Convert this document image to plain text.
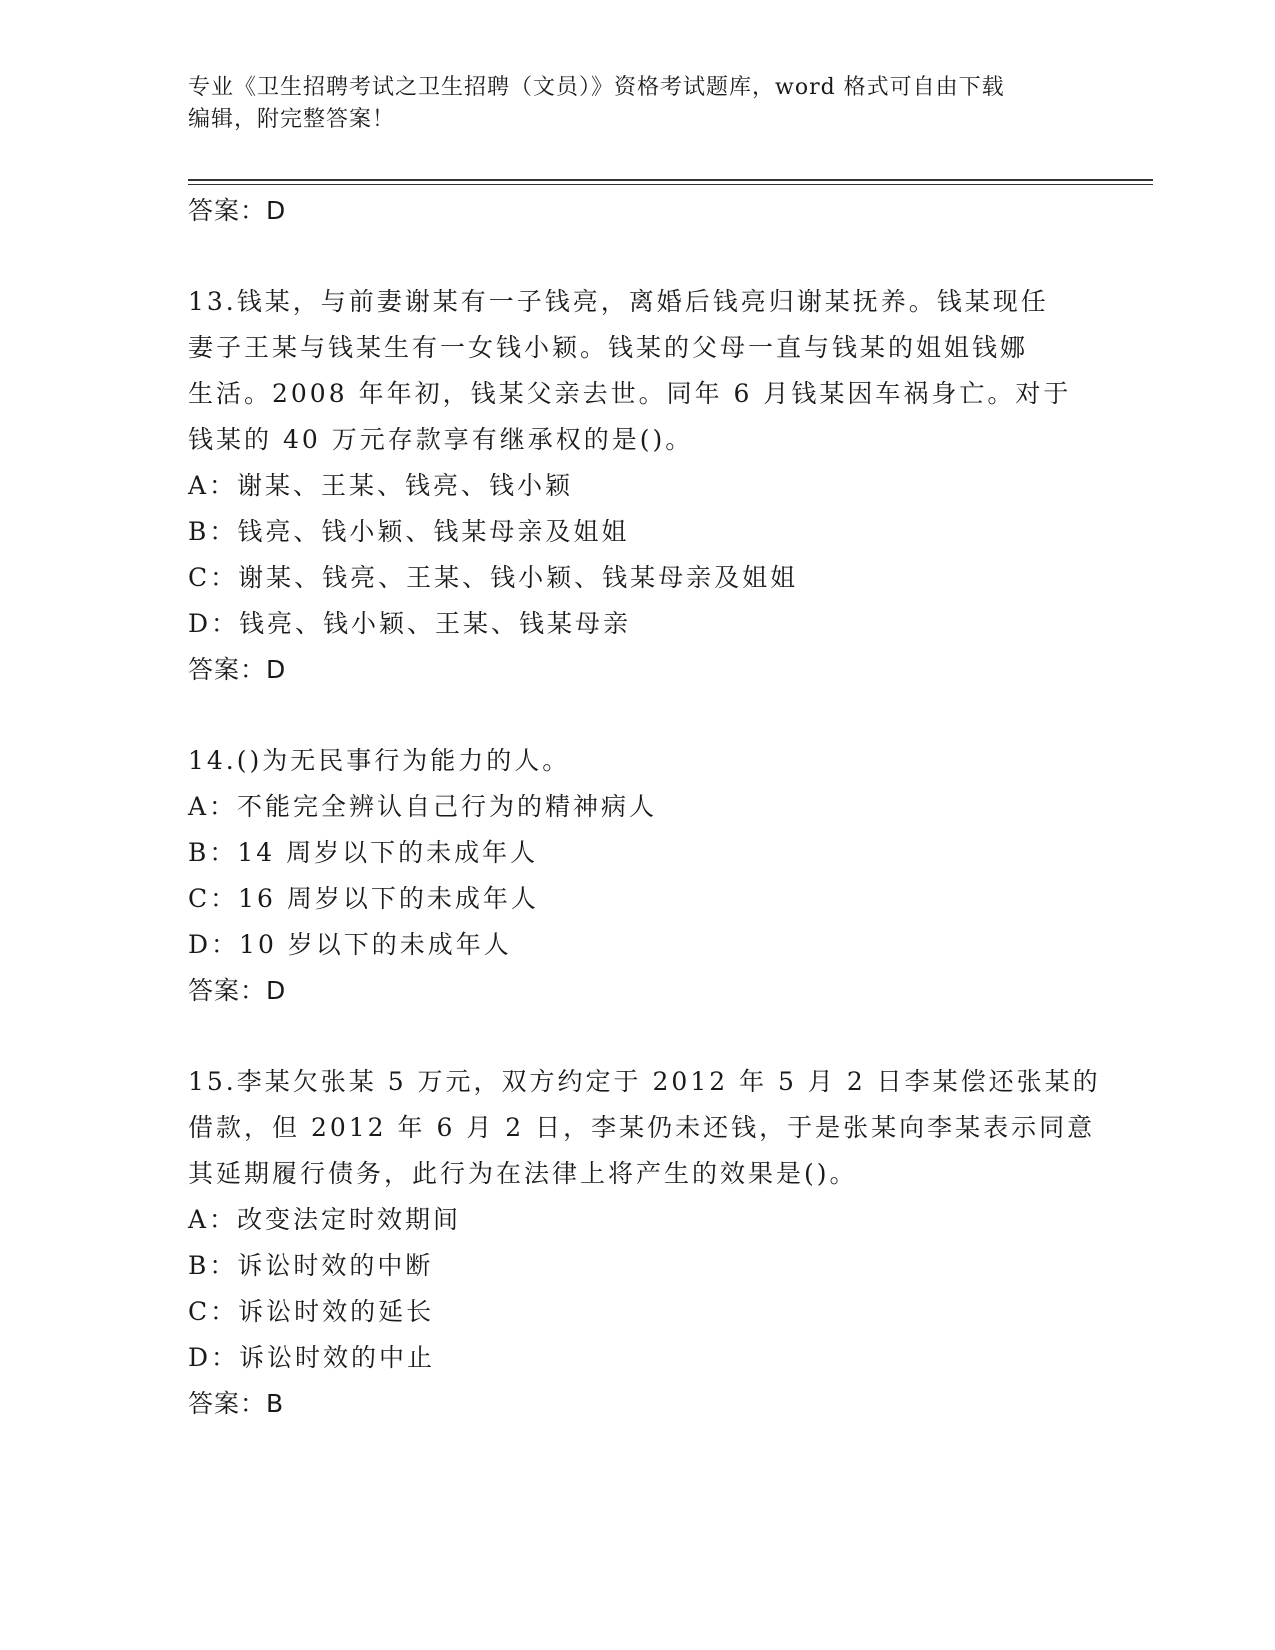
专业《卫生招聘考试之卫生招聘（文员）》资格考试题库，word 格式可自由下载
编辑，附完整答案！
答案：D
13.钱某，与前妻谢某有一子钱亮，离婚后钱亮归谢某抚养。钱某现任
妻子王某与钱某生有一女钱小颖。钱某的父母一直与钱某的姐姐钱娜
生活。2008 年年初，钱某父亲去世。同年 6 月钱某因车祸身亡。对于
钱某的 40 万元存款享有继承权的是()。
A：谢某、王某、钱亮、钱小颖
B：钱亮、钱小颖、钱某母亲及姐姐
C：谢某、钱亮、王某、钱小颖、钱某母亲及姐姐
D：钱亮、钱小颖、王某、钱某母亲
答案：D
14.()为无民事行为能力的人。
A：不能完全辨认自己行为的精神病人
B：14 周岁以下的未成年人
C：16 周岁以下的未成年人
D：10 岁以下的未成年人
答案：D
15.李某欠张某 5 万元，双方约定于 2012 年 5 月 2 日李某偿还张某的
借款，但 2012 年 6 月 2 日，李某仍未还钱，于是张某向李某表示同意
其延期履行债务，此行为在法律上将产生的效果是()。
A：改变法定时效期间
B：诉讼时效的中断
C：诉讼时效的延长
D：诉讼时效的中止
答案：B
